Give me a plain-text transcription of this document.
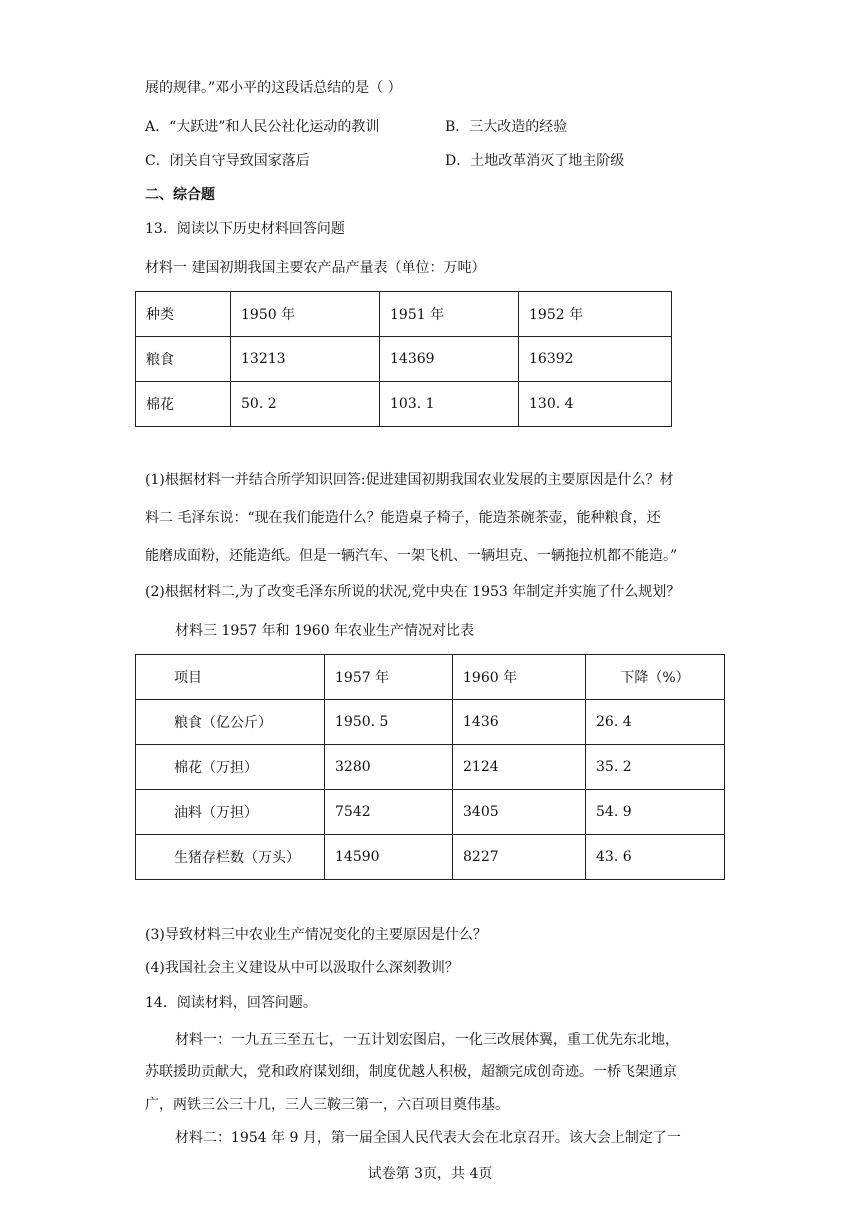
展的规律。”邓小平的这段话总结的是（ ）
A．“大跃进”和人民公社化运动的教训	B．三大改造的经验
C．闭关自守导致国家落后	D．土地改革消灭了地主阶级
二、综合题
13．阅读以下历史材料回答问题
材料一 建国初期我国主要农产品产量表（单位：万吨）
种类	1950 年	1951 年	1952 年
粮食	13213	14369	16392
棉花	50. 2	103. 1	130. 4
(1)根据材料一并结合所学知识回答:促进建国初期我国农业发展的主要原因是什么？材
料二 毛泽东说：“现在我们能造什么？能造桌子椅子，能造茶碗茶壶，能种粮食，还
能磨成面粉，还能造纸。但是一辆汽车、一架飞机、一辆坦克、一辆拖拉机都不能造。”
(2)根据材料二,为了改变毛泽东所说的状况,党中央在 1953 年制定并实施了什么规划？
材料三 1957 年和 1960 年农业生产情况对比表
项目	1957 年	1960 年	下降（%）
粮食（亿公斤）	1950. 5	1436	26. 4
棉花（万担）	3280	2124	35. 2
油料（万担）	7542	3405	54. 9
生猪存栏数（万头）	14590	8227	43. 6
(3)导致材料三中农业生产情况变化的主要原因是什么？
(4)我国社会主义建设从中可以汲取什么深刻教训？
14．阅读材料，回答问题。
材料一：一九五三至五七，一五计划宏图启，一化三改展体翼，重工优先东北地，
苏联援助贡献大，党和政府谋划细，制度优越人积极，超额完成创奇迹。一桥飞架通京
广，两铁三公三十几，三人三鞍三第一，六百项目奠伟基。
材料二：1954 年 9 月，第一届全国人民代表大会在北京召开。该大会上制定了一
试卷第 3页，共 4页
